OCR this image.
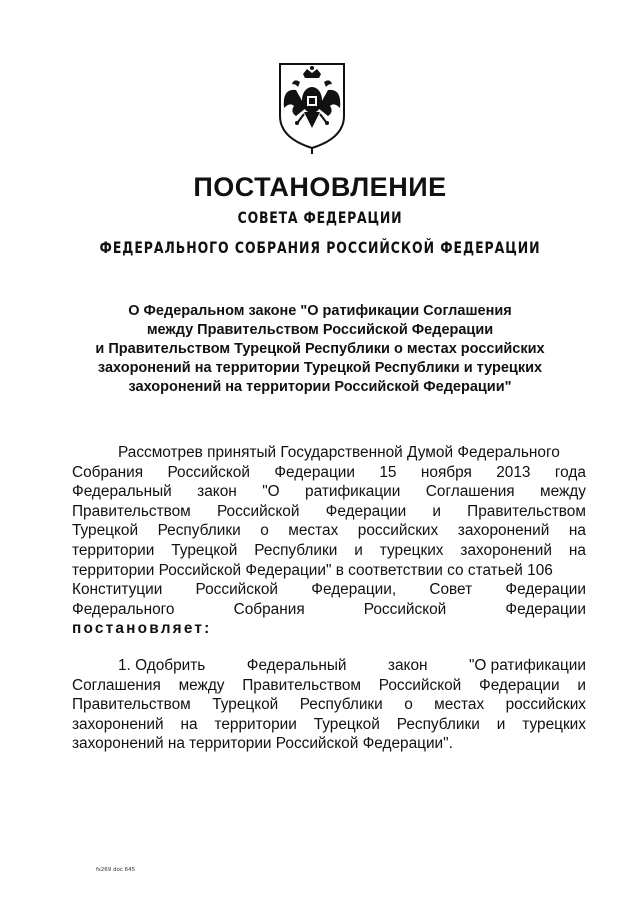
ПОСТАНОВЛЕНИЕ
СОВЕТА ФЕДЕРАЦИИ
ФЕДЕРАЛЬНОГО СОБРАНИЯ РОССИЙСКОЙ ФЕДЕРАЦИИ
О Федеральном законе "О ратификации Соглашения
между Правительством Российской Федерации
и Правительством Турецкой Республики о местах российских
захоронений на территории Турецкой Республики и турецких
захоронений на территории Российской Федерации"
Рассмотрев принятый Государственной Думой Федерального
Собрания Российской Федерации 15 ноября 2013 года
Федеральный закон "О ратификации Соглашения между
Правительством Российской Федерации и Правительством
Турецкой Республики о местах российских захоронений на
территории Турецкой Республики и турецких захоронений на
территории Российской Федерации" в соответствии со статьей 106
Конституции Российской Федерации, Совет Федерации
Федерального	Собрания	Российской	Федерации
постановляет:
1. Одобрить	Федеральный	закон	"О ратификации
Соглашения между Правительством Российской Федерации и
Правительством Турецкой Республики о местах российских
захоронений на территории Турецкой Республики и турецких
захоронений на территории Российской Федерации".
fs269 doc 645
